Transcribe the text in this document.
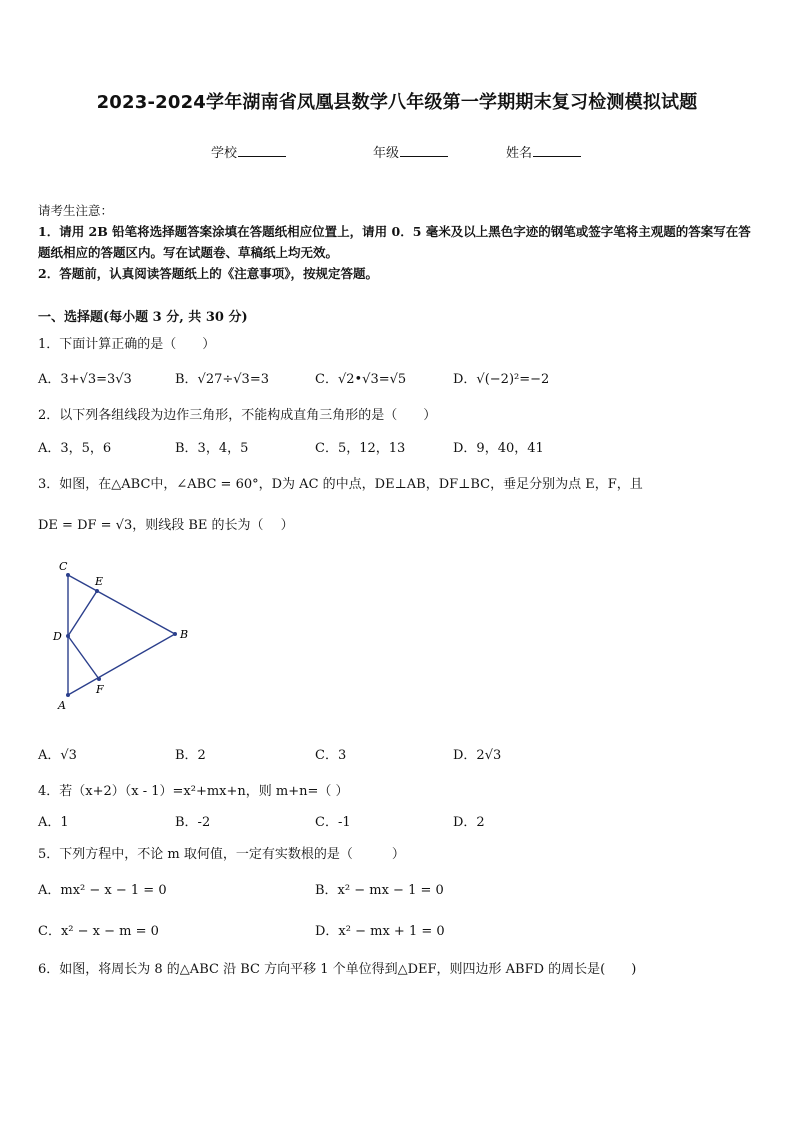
2023-2024学年湖南省凤凰县数学八年级第一学期期末复习检测模拟试题
学校	年级	姓名
请考生注意：
1．请用 2B 铅笔将选择题答案涂填在答题纸相应位置上，请用 0．5 毫米及以上黑色字迹的钢笔或签字笔将主观题的答案写在答题纸相应的答题区内。写在试题卷、草稿纸上均无效。
2．答题前，认真阅读答题纸上的《注意事项》，按规定答题。
一、选择题(每小题 3 分, 共 30 分)
1．下面计算正确的是（　　）
A．3+√3=3√3	B．√27÷√3=3	C．√2•√3=√5	D．√(−2)²=−2
2．以下列各组线段为边作三角形，不能构成直角三角形的是（　　）
A．3，5，6	B．3，4，5	C．5，12，13	D．9，40，41
3．如图，在△ABC中，∠ABC = 60°，D为 AC 的中点，DE⊥AB，DF⊥BC，垂足分别为点 E，F，且
DE = DF = √3，则线段 BE 的长为（　 ）
C
E
D	B
F
A
A．√3	B．2	C．3	D．2√3
4．若（x+2）（x - 1）=x²+mx+n，则 m+n=（ ）
A．1	B．-2	C．-1	D．2
5．下列方程中，不论 m 取何值，一定有实数根的是（　　　）
A．mx² − x − 1 = 0	B．x² − mx − 1 = 0
C．x² − x − m = 0	D．x² − mx + 1 = 0
6．如图，将周长为 8 的△ABC 沿 BC 方向平移 1 个单位得到△DEF，则四边形 ABFD 的周长是(　　)
